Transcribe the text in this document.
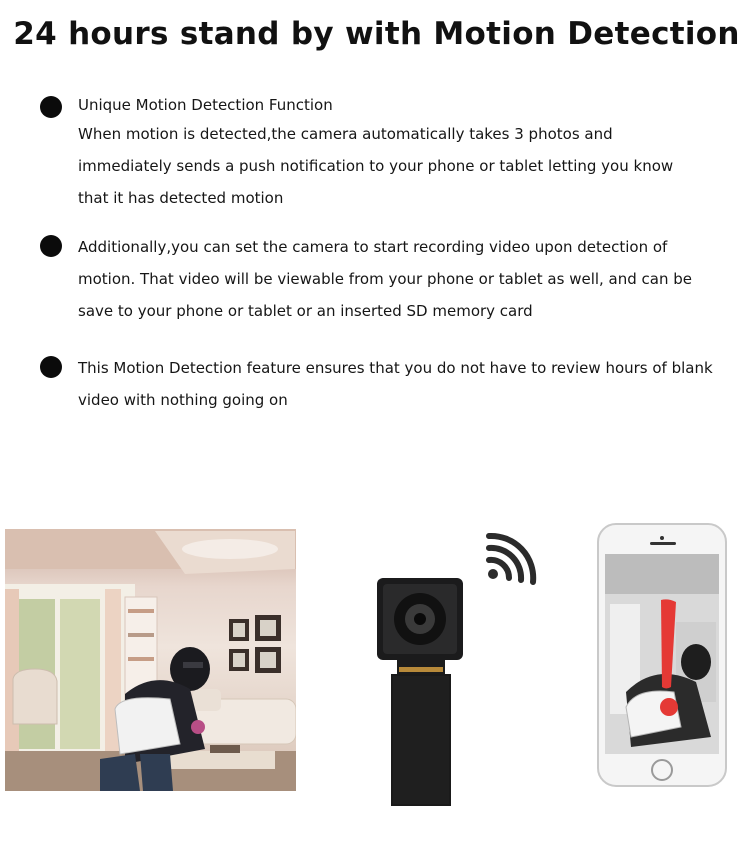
24 hours stand by with Motion Detection
Unique Motion Detection Function
When motion is detected,the camera automatically takes 3 photos and
immediately sends a push notification to your phone or tablet letting you know
that it has detected motion
Additionally,you can set the camera to start recording video upon detection of
motion. That video will be viewable from your phone or tablet as well, and can be
save to your phone or tablet or an inserted SD memory card
This Motion Detection feature ensures that you do not have to review hours of blank
video with nothing going on
